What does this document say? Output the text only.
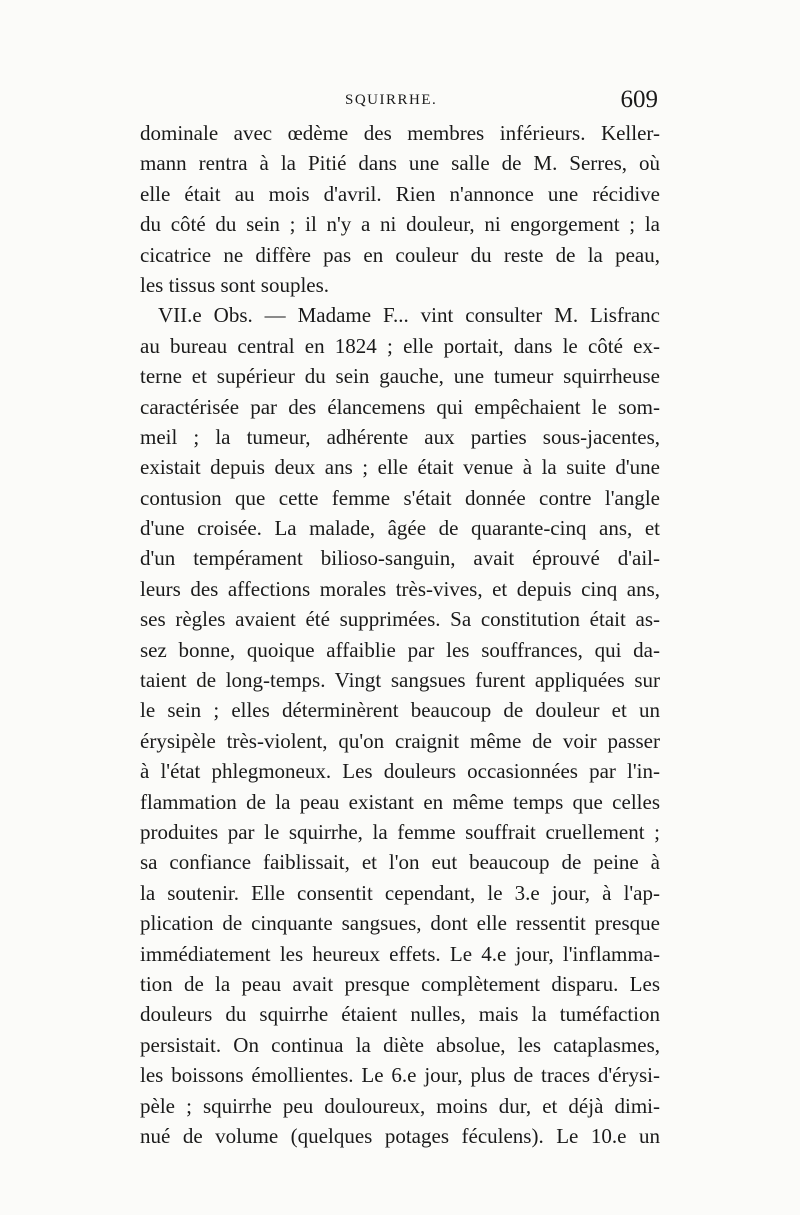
SQUIRRHE.	609
dominale avec œdème des membres inférieurs. Keller-
mann rentra à la Pitié dans une salle de M. Serres, où
elle était au mois d'avril. Rien n'annonce une récidive
du côté du sein ; il n'y a ni douleur, ni engorgement ; la
cicatrice ne diffère pas en couleur du reste de la peau,
les tissus sont souples.
VII.e Obs. — Madame F... vint consulter M. Lisfranc
au bureau central en 1824 ; elle portait, dans le côté ex-
terne et supérieur du sein gauche, une tumeur squirrheuse
caractérisée par des élancemens qui empêchaient le som-
meil ; la tumeur, adhérente aux parties sous-jacentes,
existait depuis deux ans ; elle était venue à la suite d'une
contusion que cette femme s'était donnée contre l'angle
d'une croisée. La malade, âgée de quarante-cinq ans, et
d'un tempérament bilioso-sanguin, avait éprouvé d'ail-
leurs des affections morales très-vives, et depuis cinq ans,
ses règles avaient été supprimées. Sa constitution était as-
sez bonne, quoique affaiblie par les souffrances, qui da-
taient de long-temps. Vingt sangsues furent appliquées sur
le sein ; elles déterminèrent beaucoup de douleur et un
érysipèle très-violent, qu'on craignit même de voir passer
à l'état phlegmoneux. Les douleurs occasionnées par l'in-
flammation de la peau existant en même temps que celles
produites par le squirrhe, la femme souffrait cruellement ;
sa confiance faiblissait, et l'on eut beaucoup de peine à
la soutenir. Elle consentit cependant, le 3.e jour, à l'ap-
plication de cinquante sangsues, dont elle ressentit presque
immédiatement les heureux effets. Le 4.e jour, l'inflamma-
tion de la peau avait presque complètement disparu. Les
douleurs du squirrhe étaient nulles, mais la tuméfaction
persistait. On continua la diète absolue, les cataplasmes,
les boissons émollientes. Le 6.e jour, plus de traces d'érysi-
pèle ; squirrhe peu douloureux, moins dur, et déjà dimi-
nué de volume (quelques potages féculens). Le 10.e un
